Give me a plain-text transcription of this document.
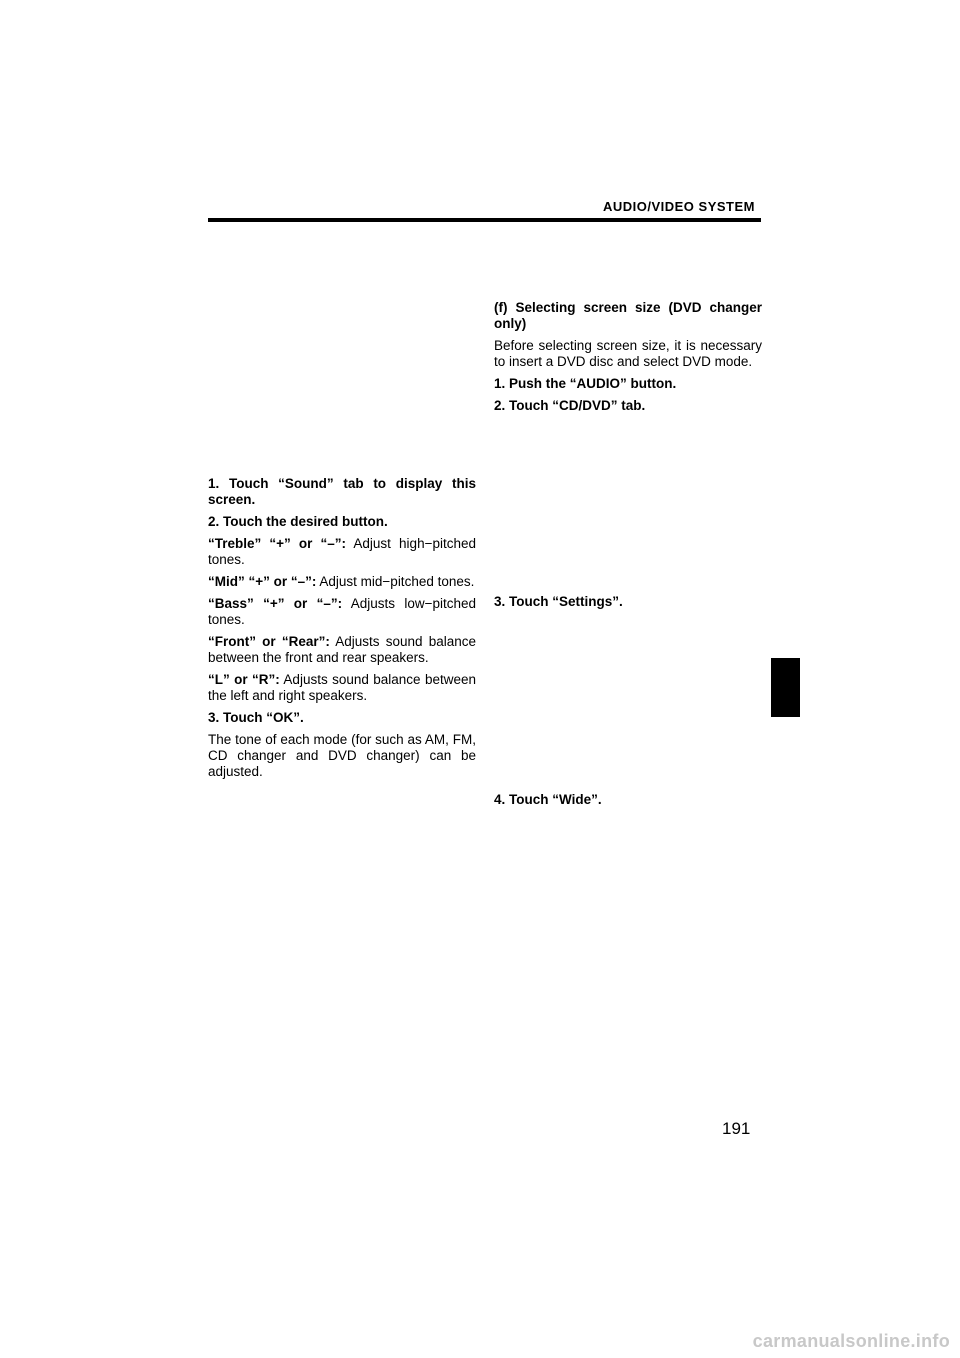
AUDIO/VIDEO SYSTEM

1. Touch “Sound” tab to display this screen.

2. Touch the desired button.

“Treble” “+” or “–”: Adjust high−pitched tones.

“Mid” “+” or “–”: Adjust mid−pitched tones.

“Bass” “+” or “–”: Adjusts low−pitched tones.

“Front” or “Rear”: Adjusts sound balance between the front and rear speakers.

“L” or “R”: Adjusts sound balance between the left and right speakers.

3. Touch “OK”.

The tone of each mode (for such as AM, FM, CD changer and DVD changer) can be adjusted.

(f) Selecting screen size (DVD changer only)

Before selecting screen size, it is necessary to insert a DVD disc and select DVD mode.

1. Push the “AUDIO” button.

2. Touch “CD/DVD” tab.

3. Touch “Settings”.

4. Touch “Wide”.

191
carmanualsonline.info
